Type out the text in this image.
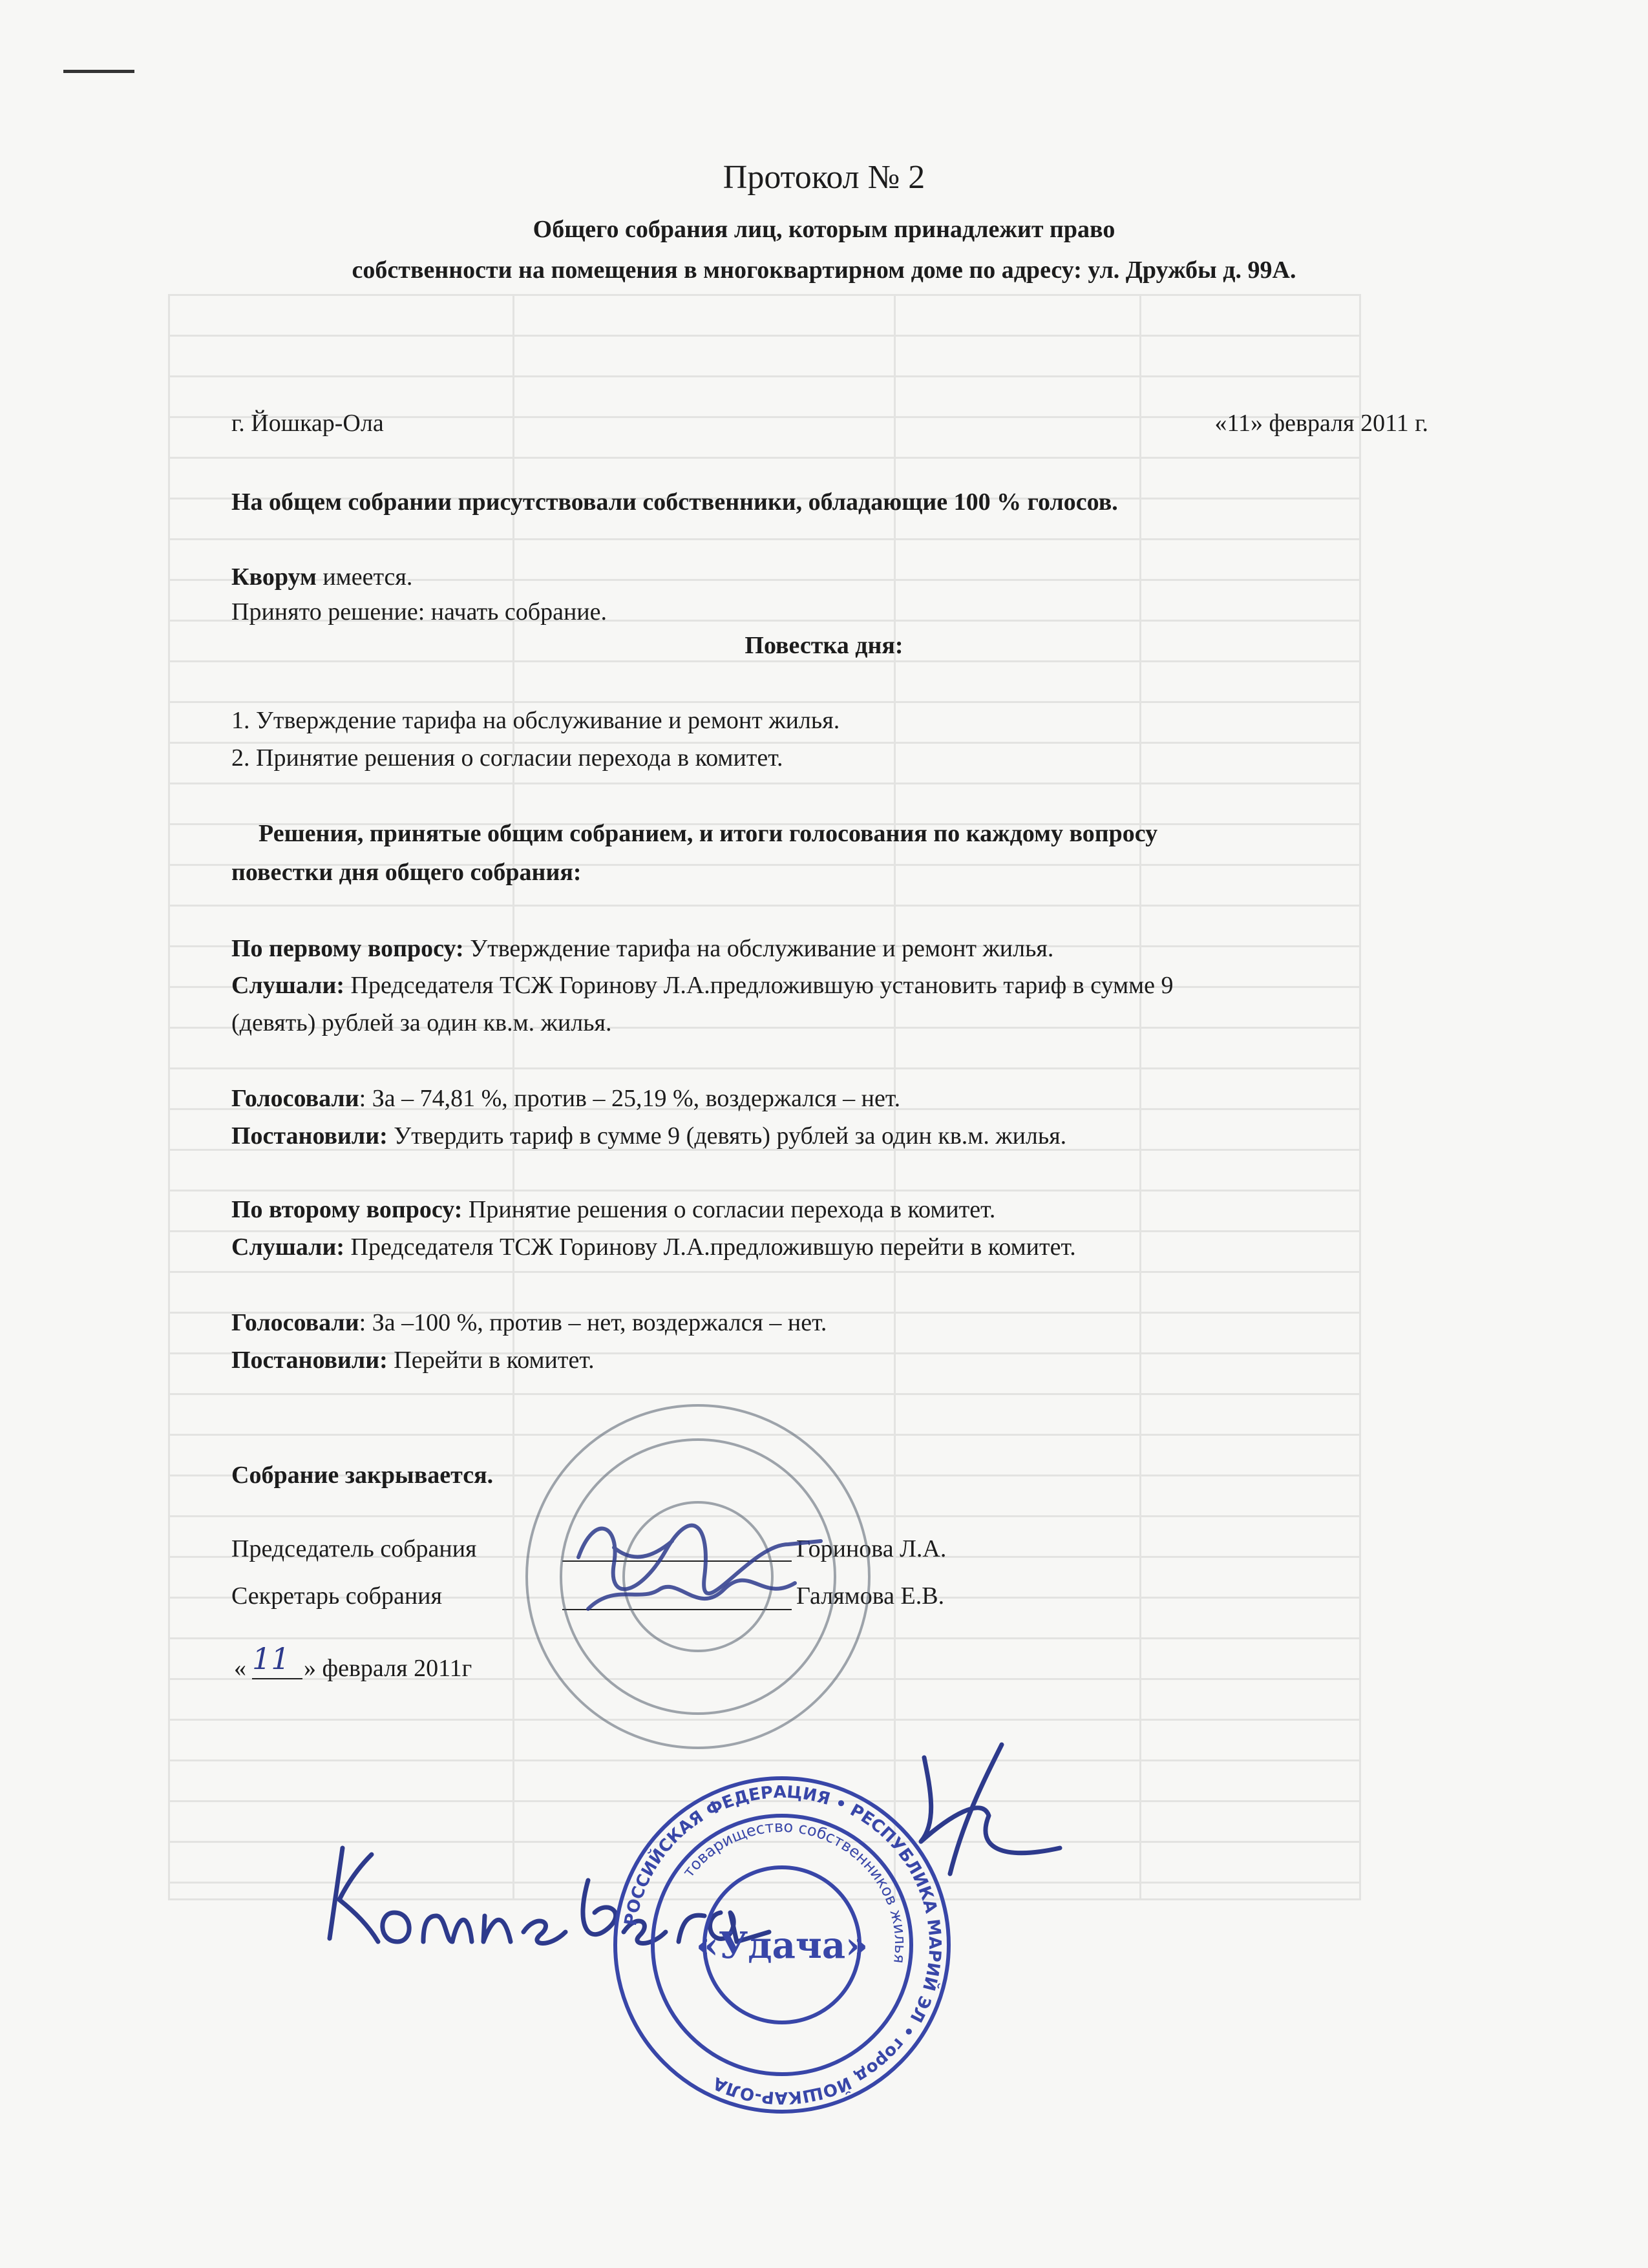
Протокол № 2
Общего собрания лиц, которым принадлежит право
собственности на помещения в многоквартирном доме по адресу: ул. Дружбы д. 99А.
г. Йошкар-Ола	«11» февраля 2011 г.
На общем собрании присутствовали собственники, обладающие 100 % голосов.
Кворум имеется.
Принято решение: начать собрание.
Повестка дня:
1. Утверждение тарифа на обслуживание и ремонт жилья.
2. Принятие решения о согласии перехода в комитет.
Решения, принятые общим собранием, и итоги голосования по каждому вопросу
повестки дня общего собрания:
По первому вопросу: Утверждение тарифа на обслуживание и ремонт жилья.
Слушали: Председателя ТСЖ Горинову Л.А.предложившую установить тариф в сумме 9
(девять) рублей за один кв.м. жилья.
Голосовали: За – 74,81 %, против – 25,19 %, воздержался – нет.
Постановили: Утвердить тариф в сумме 9 (девять) рублей за один кв.м. жилья.
По второму вопросу: Принятие решения о согласии перехода в комитет.
Слушали: Председателя ТСЖ Горинову Л.А.предложившую перейти в комитет.
Голосовали: За –100 %, против – нет, воздержался – нет.
Постановили: Перейти в комитет.
Собрание закрывается.
Председатель собрания	Горинова Л.А.
Секретарь собрания	Галямова Е.В.
« 11 » февраля 2011г
РОССИЙСКАЯ ФЕДЕРАЦИЯ • РЕСПУБЛИКА МАРИЙ ЭЛ • город ЙОШКАР-ОЛА
товарищество собственников жилья
«Удача»
